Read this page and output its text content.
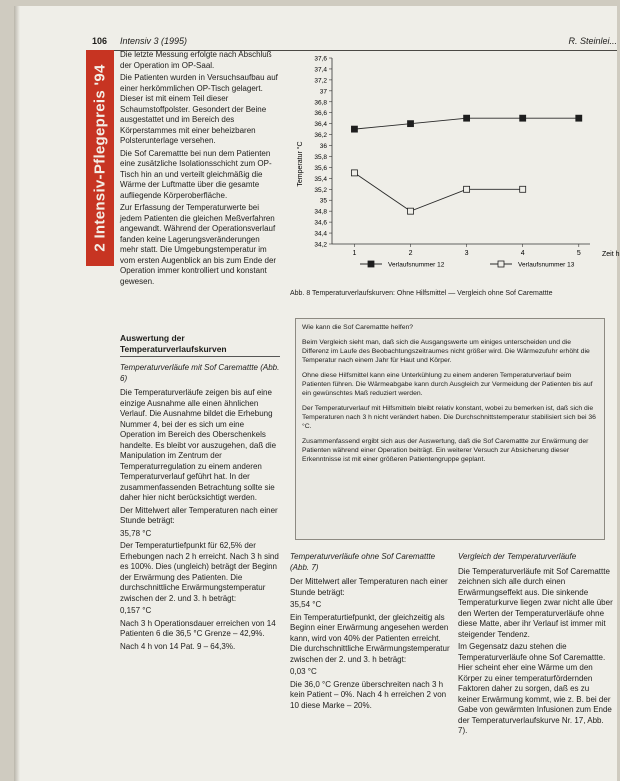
106 Intensiv 3 (1995)	R. Steinlei...
2 Intensiv-Pflegepreis '94

Die letzte Messung erfolgte nach Abschluß der Operation im OP-Saal.

Die Patienten wurden in Versuchsaufbau auf einer herkömmlichen OP-Tisch gelagert. Dieser ist mit einem Teil dieser Schaumstoffpolster. Gesondert der Beine ausgestattet und im Bereich des Körperstammes mit einer beheizbaren Polsterunterlage versehen.

Die Sof Caremattte bei nun dem Patienten eine zusätzliche Isolationsschicht zum OP-Tisch hin an und verteilt gleichmäßig die Wärme der Luftmatte über die gesamte aufliegende Körperoberfläche.

Zur Erfassung der Temperaturwerte bei jedem Patienten die gleichen Meßverfahren angewandt. Während der Operationsverlauf fanden keine Lagerungsveränderungen mehr statt. Die Umgebungstemperatur im vom ersten Augenblick an bis zum Ende der Operation immer kontrolliert und konstant gewesen.

Auswertung der Temperaturverlaufskurven
Temperaturverläufe mit Sof Caremattte (Abb. 6)

Die Temperaturverläufe zeigen bis auf eine einzige Ausnahme alle einen ähnlichen Verlauf. Die Ausnahme bildet die Erhebung Nummer 4, bei der es sich um eine Operation im Bereich des Oberschenkels handelte. Es bleibt vor auszugehen, daß die Manipulation im Zentrum der Temperaturregulation zu einem anderen Temperaturverlauf geführt hat. In der zusammenfassenden Betrachtung sollte sie daher hier nicht berücksichtigt werden.

Der Mittelwert aller Temperaturen nach einer Stunde beträgt:

35,78 °C

Der Temperaturtiefpunkt für 62,5% der Erhebungen nach 2 h erreicht. Nach 3 h sind es 100%. Dies (ungleich) beträgt der Beginn der Erwärmung des Patienten. Die durchschnittliche Erwärmungstemperatur zwischen der 2. und 3. h beträgt:

0,157 °C

Nach 3 h Operationsdauer erreichen von 14 Patienten 6 die 36,5 °C Grenze – 42,9%.

Nach 4 h von 14 Pat. 9 – 64,3%.

Temperatur °C
Zeit h
37,6
37,4
37,2
37
36,8
36,6
36,4
36,2
36
35,8
35,6
35,4
35,2
35
34,8
34,6
34,4
34,2
1	2	3	4	5
Verlaufsnummer 12	Verlaufsnummer 13
Abb. 8 Temperaturverlaufskurven: Ohne Hilfsmittel — Vergleich ohne Sof Caremattte
Wie kann die Sof Caremattte helfen?

Beim Vergleich sieht man, daß sich die Ausgangswerte um einiges unterscheiden und die Differenz im Laufe des Beobachtungszeitraumes nicht größer wird. Die Wärmezufuhr erhöht die Temperatur nach einem Jahr für Haut und Körper.

Ohne diese Hilfsmittel kann eine Unterkühlung zu einem anderen Temperaturverlauf beim Patienten führen. Die Wärmeabgabe kann durch Ausgleich zur Vermeidung der Patienten bis auf ein gewünschtes Maß reduziert werden.

Der Temperaturverlauf mit Hilfsmitteln bleibt relativ konstant, wobei zu bemerken ist, daß sich die Temperaturen nach 3 h nicht verändert haben. Die Durchschnittstemperatur stabilisiert sich bei 36 °C.

Zusammenfassend ergibt sich aus der Auswertung, daß die Sof Caremattte zur Erwärmung der Patienten während einer Operation beiträgt. Ein weiterer Versuch zur Absicherung dieser Erkenntnisse ist mit einer größeren Patientengruppe geplant.

Temperaturverläufe ohne Sof Caremattte (Abb. 7)

Der Mittelwert aller Temperaturen nach einer Stunde beträgt:

35,54 °C

Ein Temperaturtiefpunkt, der gleichzeitig als Beginn einer Erwärmung angesehen werden kann, wird von 40% der Patienten erreicht. Die durchschnittliche Erwärmungstemperatur zwischen der 2. und 3. h beträgt:

0,03 °C

Die 36,0 °C Grenze überschreiten nach 3 h kein Patient – 0%. Nach 4 h erreichen 2 von 10 diese Marke – 20%.

Vergleich der Temperaturverläufe

Die Temperaturverläufe mit Sof Caremattte zeichnen sich alle durch einen Erwärmungseffekt aus. Die sinkende Temperaturkurve liegen zwar nicht alle über den Werten der Temperaturverläufe ohne diese Matte, aber ihr Verlauf ist immer mit steigender Tendenz.

Im Gegensatz dazu stehen die Temperaturverläufe ohne Sof Caremattte. Hier scheint eher eine Wärme um den Körper zu einer temperaturfördernden Faktoren daher zu sorgen, daß es zu keiner Erwärmung kommt, wie z. B. bei der Gabe von gewärmten Infusionen zum Ende der Temperaturverlaufskurve Nr. 17, Abb. 7).
